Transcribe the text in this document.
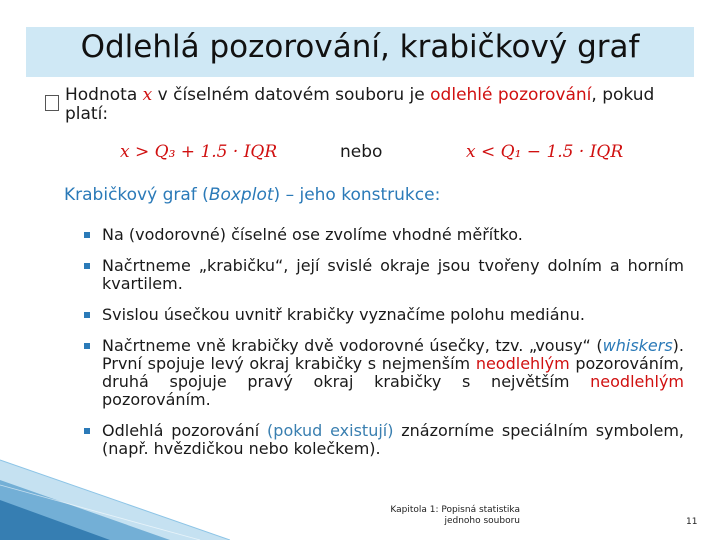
Odlehlá pozorování, krabičkový graf
Hodnota x v číselném datovém souboru je odlehlé pozorování, pokud platí:
x > Q₃ + 1.5 · IQR	nebo	x < Q₁ − 1.5 · IQR
Krabičkový graf (Boxplot) – jeho konstrukce:
Na (vodorovné) číselné ose zvolíme vhodné měřítko.
Načrtneme „krabičku“, její svislé okraje jsou tvořeny dolním a horním kvartilem.
Svislou úsečkou uvnitř krabičky vyznačíme polohu mediánu.
Načrtneme vně krabičky dvě vodorovné úsečky, tzv. „vousy“ (whiskers). První spojuje levý okraj krabičky s nejmenším neodlehlým pozorováním, druhá spojuje pravý okraj krabičky s největším neodlehlým pozorováním.
Odlehlá pozorování (pokud existují) znázorníme speciálním symbolem, (např. hvězdičkou nebo kolečkem).
Kapitola 1: Popisná statistika
jednoho souboru	11
